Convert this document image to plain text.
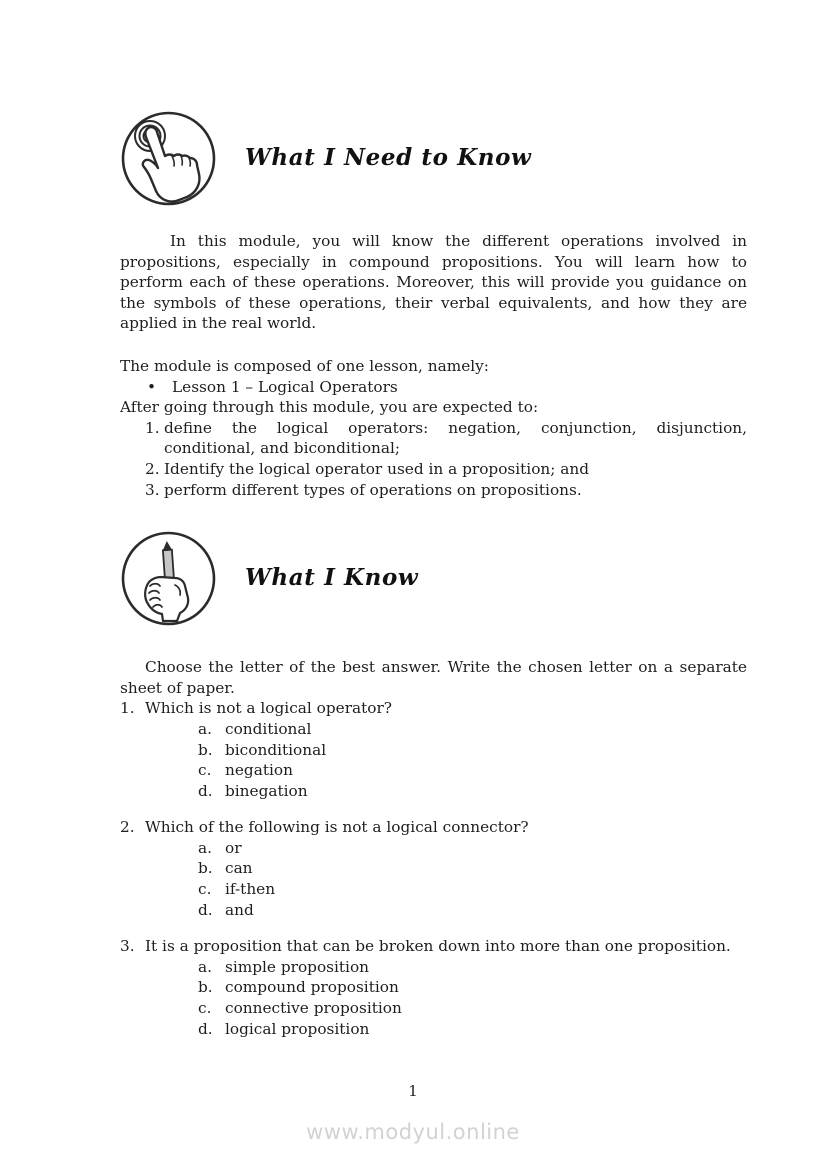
What I Need to Know

In this module, you will know the different operations involved in propositions, especially in compound propositions. You will learn how to perform each of these operations. Moreover, this will provide you guidance on the symbols of these operations, their verbal equivalents, and how they are applied in the real world.

The module is composed of one lesson, namely:

•	Lesson 1 – Logical Operators

After going through this module, you are expected to:

1. define the logical operators: negation, conjunction, disjunction, conditional, and biconditional;
2. Identify the logical operator used in a proposition; and
3. perform different types of operations on propositions.
What I Know

Choose the letter of the best answer. Write the chosen letter on a separate sheet of paper.

1. Which is not a logical operator?
a. conditional
b. biconditional
c. negation
d. binegation
2. Which of the following is not a logical connector?
a. or
b. can
c. if-then
d. and
3. It is a proposition that can be broken down into more than one proposition.
a. simple proposition
b. compound proposition
c. connective proposition
d. logical proposition
1
www.modyul.online
